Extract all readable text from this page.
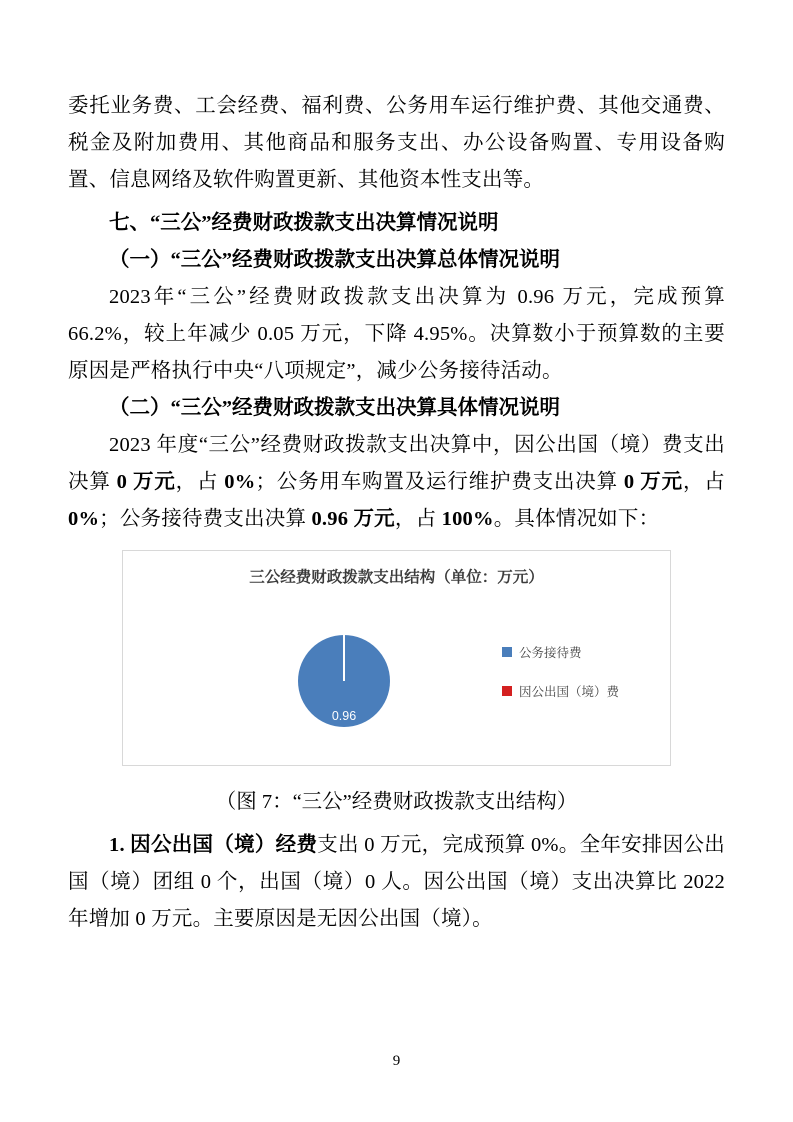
委托业务费、工会经费、福利费、公务用车运行维护费、其他交通费、税金及附加费用、其他商品和服务支出、办公设备购置、专用设备购置、信息网络及软件购置更新、其他资本性支出等。

七、“三公”经费财政拨款支出决算情况说明

（一）“三公”经费财政拨款支出决算总体情况说明

2023年“三公”经费财政拨款支出决算为 0.96 万元，完成预算66.2%，较上年减少 0.05 万元，下降 4.95%。决算数小于预算数的主要原因是严格执行中央“八项规定”，减少公务接待活动。

（二）“三公”经费财政拨款支出决算具体情况说明

2023 年度“三公”经费财政拨款支出决算中，因公出国（境）费支出决算 0 万元，占 0%；公务用车购置及运行维护费支出决算 0 万元，占 0%；公务接待费支出决算 0.96 万元，占 100%。具体情况如下：

三公经费财政拨款支出结构（单位：万元）
0.96
公务接待费
因公出国（境）费
（图 7：“三公”经费财政拨款支出结构）

1. 因公出国（境）经费支出 0 万元，完成预算 0%。全年安排因公出国（境）团组 0 个，出国（境）0 人。因公出国（境）支出决算比 2022 年增加 0 万元。主要原因是无因公出国（境）。

9
